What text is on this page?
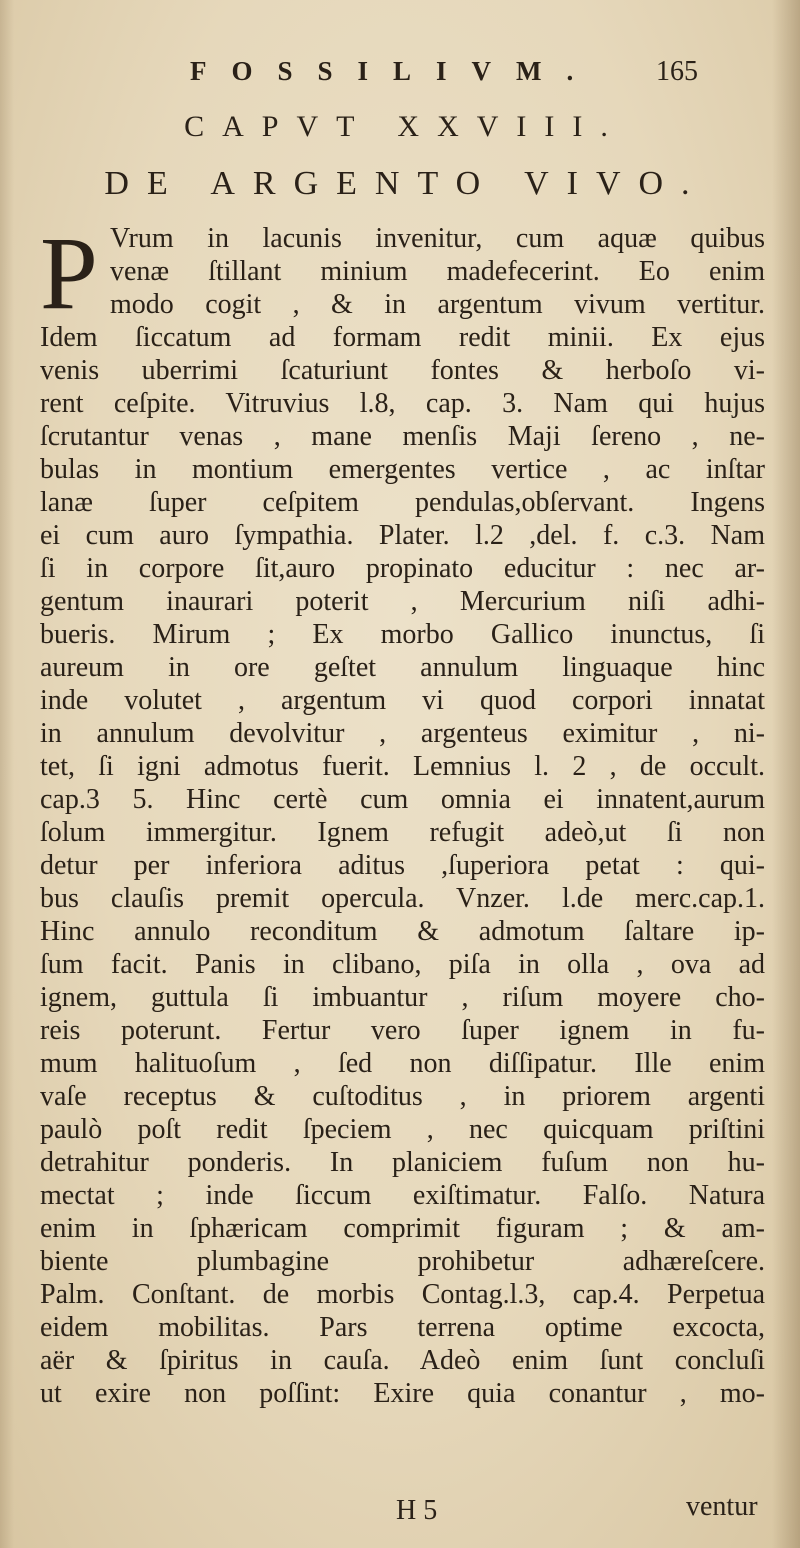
FOSSILIVM. 165
CAPVT XXVIII.
DE ARGENTO VIVO.
P Vrum in lacunis invenitur, cum aquæ quibus
venæ ſtillant minium madefecerint. Eo enim
modo cogit , & in argentum vivum vertitur.
Idem ſiccatum ad formam redit minii. Ex ejus
venis uberrimi ſcaturiunt fontes & herboſo vi-
rent ceſpite. Vitruvius l.8, cap. 3. Nam qui hujus
ſcrutantur venas , mane menſis Maji ſereno , ne-
bulas in montium emergentes vertice , ac inſtar
lanæ ſuper ceſpitem pendulas,obſervant. Ingens
ei cum auro ſympathia. Plater. l.2 ,del. f. c.3. Nam
ſi in corpore ſit,auro propinato educitur : nec ar-
gentum inaurari poterit , Mercurium niſi adhi-
bueris. Mirum ; Ex morbo Gallico inunctus, ſi
aureum in ore geſtet annulum linguaque hinc
inde volutet , argentum vi quod corpori innatat
in annulum devolvitur , argenteus eximitur , ni-
tet, ſi igni admotus fuerit. Lemnius l. 2 , de occult.
cap.3 5. Hinc certè cum omnia ei innatent,aurum
ſolum immergitur. Ignem refugit adeò,ut ſi non
detur per inferiora aditus ,ſuperiora petat : qui-
bus clauſis premit opercula. Vnzer. l.de merc.cap.1.
Hinc annulo reconditum & admotum ſaltare ip-
ſum facit. Panis in clibano, piſa in olla , ova ad
ignem, guttula ſi imbuantur , riſum moyere cho-
reis poterunt. Fertur vero ſuper ignem in fu-
mum halituoſum , ſed non diſſipatur. Ille enim
vaſe receptus & cuſtoditus , in priorem argenti
paulò poſt redit ſpeciem , nec quicquam priſtini
detrahitur ponderis. In planiciem fuſum non hu-
mectat ; inde ſiccum exiſtimatur. Falſo. Natura
enim in ſphæricam comprimit figuram ; & am-
biente plumbagine prohibetur adhæreſcere.
Palm. Conſtant. de morbis Contag.l.3, cap.4. Perpetua
eidem mobilitas. Pars terrena optime excocta,
aër & ſpiritus in cauſa. Adeò enim ſunt concluſi
ut exire non poſſint: Exire quia conantur , mo-
H 5	ventur
